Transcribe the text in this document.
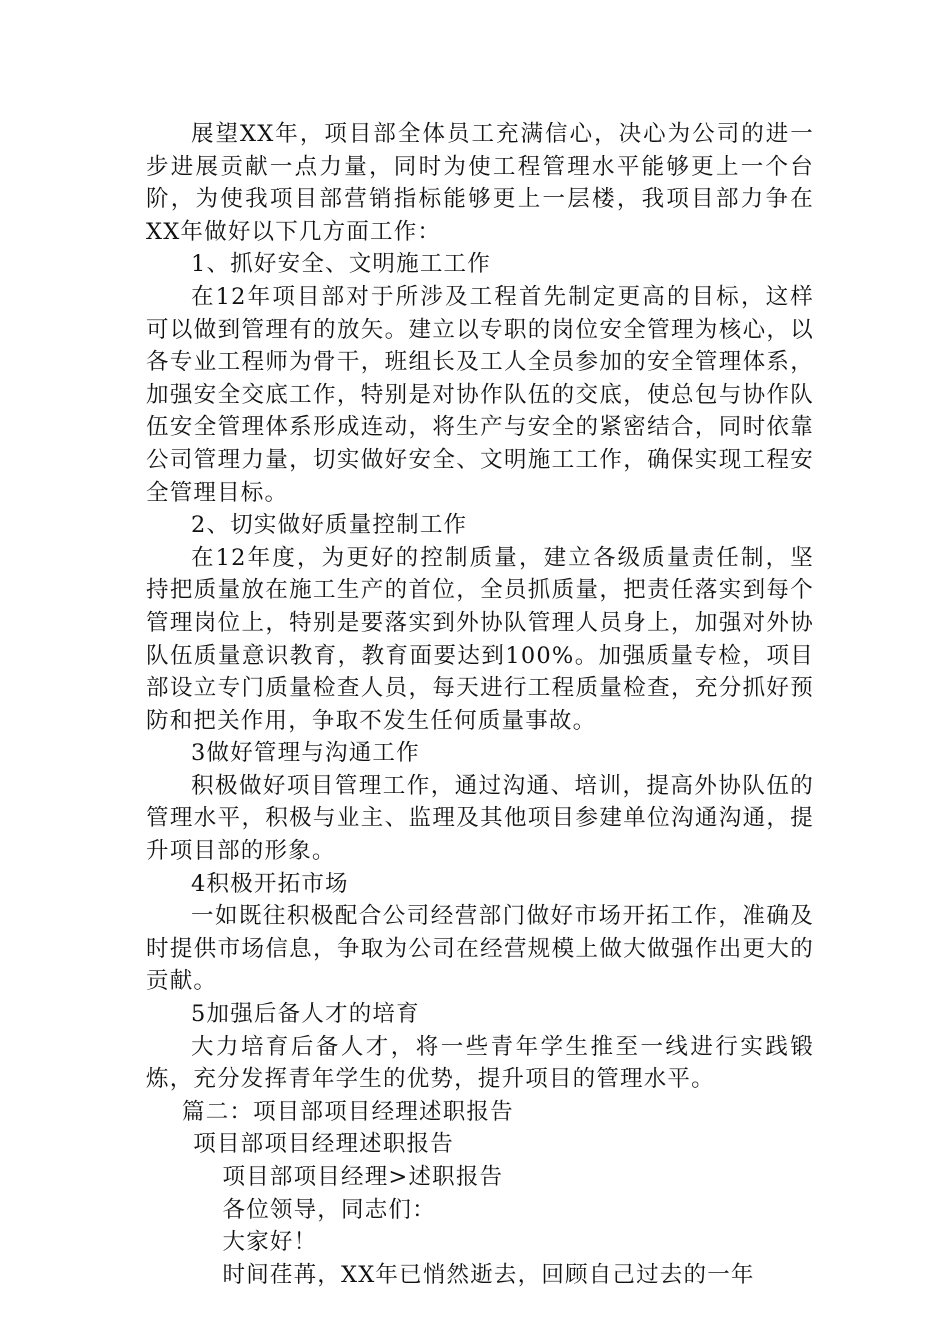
展望XX年，项目部全体员工充满信心，决心为公司的进一步进展贡献一点力量，同时为使工程管理水平能够更上一个台阶，为使我项目部营销指标能够更上一层楼，我项目部力争在XX年做好以下几方面工作：

1、抓好安全、文明施工工作

在12年项目部对于所涉及工程首先制定更高的目标，这样可以做到管理有的放矢。建立以专职的岗位安全管理为核心，以各专业工程师为骨干，班组长及工人全员参加的安全管理体系，加强安全交底工作，特别是对协作队伍的交底，使总包与协作队伍安全管理体系形成连动，将生产与安全的紧密结合，同时依靠公司管理力量，切实做好安全、文明施工工作，确保实现工程安全管理目标。

2、切实做好质量控制工作

在12年度，为更好的控制质量，建立各级质量责任制，坚持把质量放在施工生产的首位，全员抓质量，把责任落实到每个管理岗位上，特别是要落实到外协队管理人员身上，加强对外协队伍质量意识教育，教育面要达到100%。加强质量专检，项目部设立专门质量检查人员，每天进行工程质量检查，充分抓好预防和把关作用，争取不发生任何质量事故。

3做好管理与沟通工作

积极做好项目管理工作，通过沟通、培训，提高外协队伍的管理水平，积极与业主、监理及其他项目参建单位沟通沟通，提升项目部的形象。

4积极开拓市场

一如既往积极配合公司经营部门做好市场开拓工作，准确及时提供市场信息，争取为公司在经营规模上做大做强作出更大的贡献。

5加强后备人才的培育

大力培育后备人才，将一些青年学生推至一线进行实践锻炼，充分发挥青年学生的优势，提升项目的管理水平。

篇二：项目部项目经理述职报告

项目部项目经理述职报告

项目部项目经理>述职报告

各位领导，同志们：

大家好！

时间荏苒，XX年已悄然逝去，回顾自己过去的一年
